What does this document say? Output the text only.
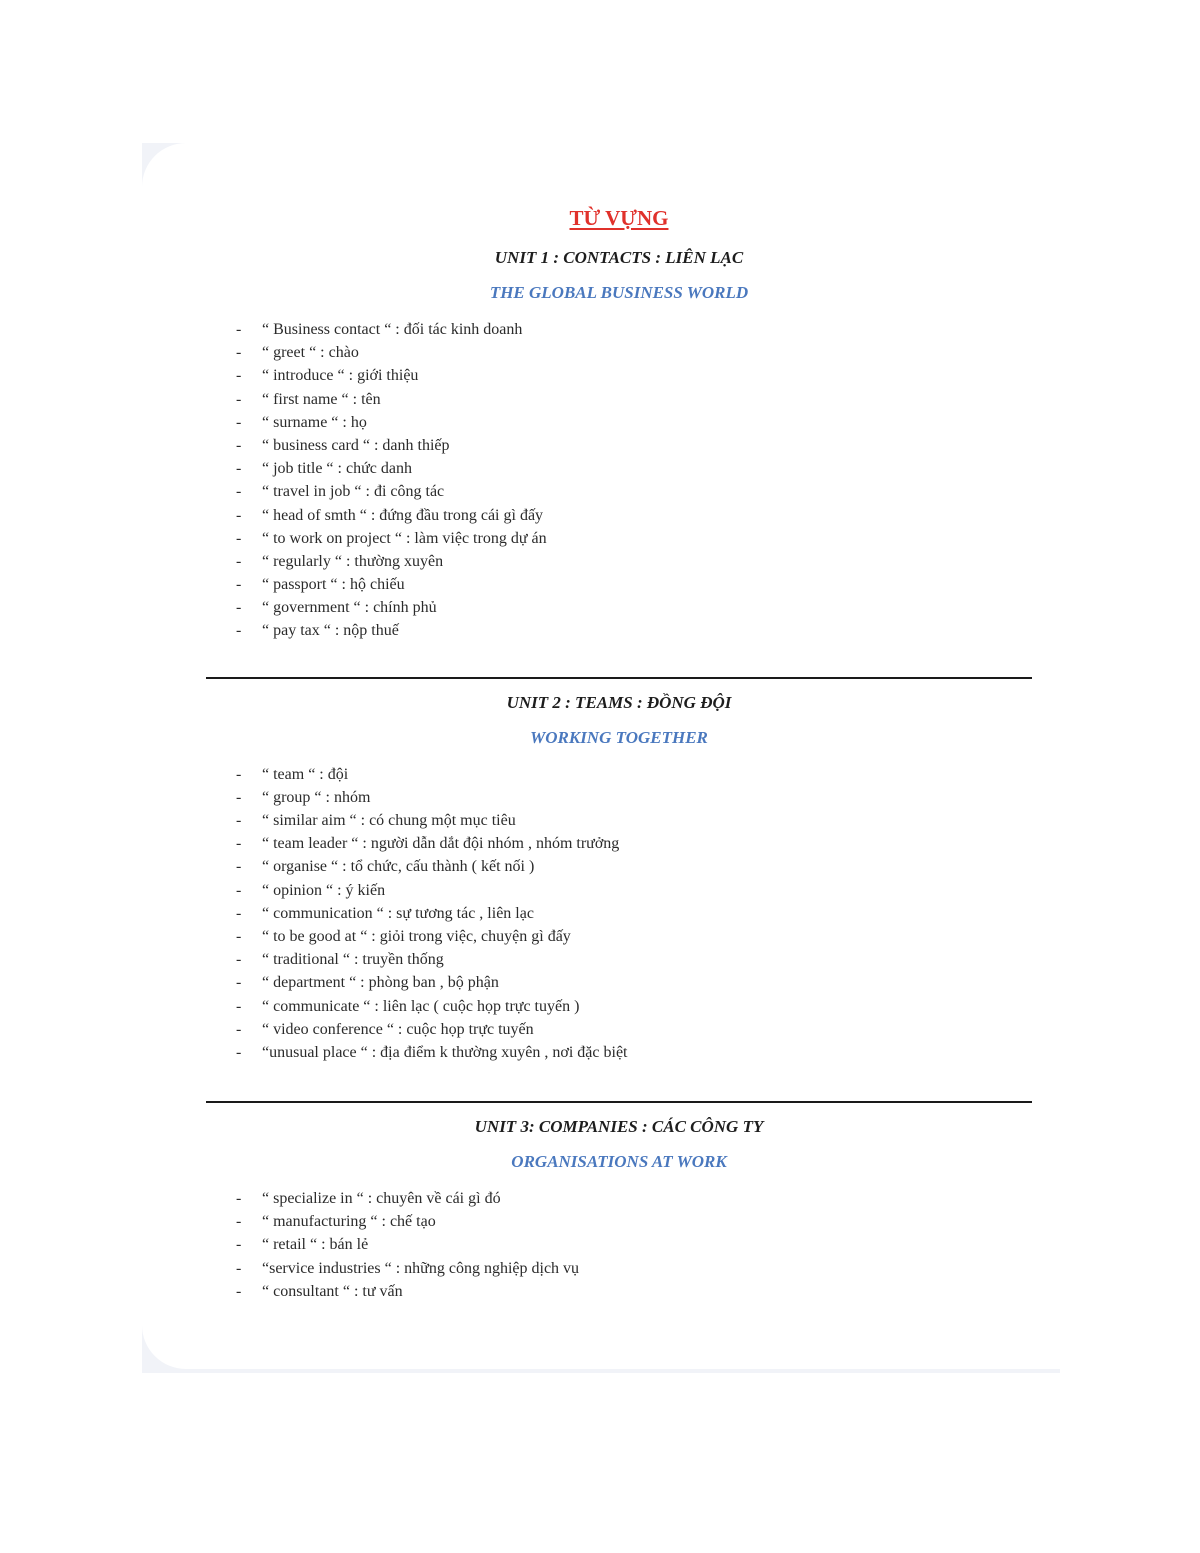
TỪ VỰNG
UNIT 1 : CONTACTS : LIÊN LẠC
THE GLOBAL BUSINESS WORLD
- “ Business contact “ : đối tác kinh doanh
- “ greet “ : chào
- “ introduce “ : giới thiệu
- “ first name “ : tên
- “ surname “ : họ
- “ business card “ : danh thiếp
- “ job title “ : chức danh
- “ travel in job “ : đi công tác
- “ head of smth “ : đứng đầu trong cái gì đấy
- “ to work on project “ : làm việc trong dự án
- “ regularly “ : thường xuyên
- “ passport “ : hộ chiếu
- “ government “ : chính phủ
- “ pay tax “ : nộp thuế
UNIT 2 : TEAMS : ĐỒNG ĐỘI
WORKING TOGETHER
- “ team “ : đội
- “ group “ : nhóm
- “ similar aim “ : có chung một mục tiêu
- “ team leader “ : người dẫn dắt đội nhóm , nhóm trưởng
- “ organise “ : tổ chức, cấu thành ( kết nối )
- “ opinion “ : ý kiến
- “ communication “ : sự tương tác , liên lạc
- “ to be good at “ : giỏi trong việc, chuyện gì đấy
- “ traditional “ : truyền thống
- “ department “ : phòng ban , bộ phận
- “ communicate “ : liên lạc ( cuộc họp trực tuyến )
- “ video conference “ : cuộc họp trực tuyến
- “unusual place “ : địa điểm k thường xuyên , nơi đặc biệt
UNIT 3: COMPANIES : CÁC CÔNG TY
ORGANISATIONS AT WORK
- “ specialize in “ : chuyên về cái gì đó
- “ manufacturing “ : chế tạo
- “ retail “ : bán lẻ
- “service industries “ : những công nghiệp dịch vụ
- “ consultant “ : tư vấn
